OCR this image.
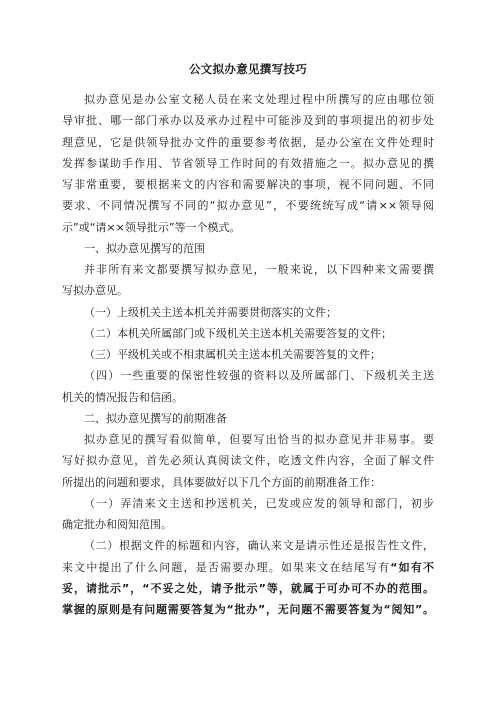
公文拟办意见撰写技巧
拟办意见是办公室文秘人员在来文处理过程中所撰写的应由哪位领
导审批、哪一部门承办以及承办过程中可能涉及到的事项提出的初步处
理意见，它是供领导批办文件的重要参考依据，是办公室在文件处理时
发挥参谋助手作用、节省领导工作时间的有效措施之一。拟办意见的撰
写非常重要，要根据来文的内容和需要解决的事项，视不同问题、不同
要求、不同情况撰写不同的“拟办意见”，不要统统写成“请××领导阅
示”或“请××领导批示”等一个模式。
一、拟办意见撰写的范围
并非所有来文都要撰写拟办意见，一般来说，以下四种来文需要撰
写拟办意见。
（一）上级机关主送本机关并需要贯彻落实的文件；
（二）本机关所属部门或下级机关主送本机关需要答复的文件；
（三）平级机关或不相隶属机关主送本机关需要答复的文件；
（四）一些重要的保密性较强的资料以及所属部门、下级机关主送
机关的情况报告和信函。
二、拟办意见撰写的前期准备
拟办意见的撰写看似简单，但要写出恰当的拟办意见并非易事。要
写好拟办意见，首先必须认真阅读文件，吃透文件内容，全面了解文件
所提出的问题和要求，具体要做好以下几个方面的前期准备工作：
（一）弄清来文主送和抄送机关，已发或应发的领导和部门，初步
确定批办和阅知范围。
（二）根据文件的标题和内容，确认来文是请示性还是报告性文件，
来文中提出了什么问题，是否需要办理。如果来文在结尾写有“如有不
妥，请批示”，“不妥之处，请予批示”等，就属于可办可不办的范围。
掌握的原则是有问题需要答复为“批办”，无问题不需要答复为“阅知”。
